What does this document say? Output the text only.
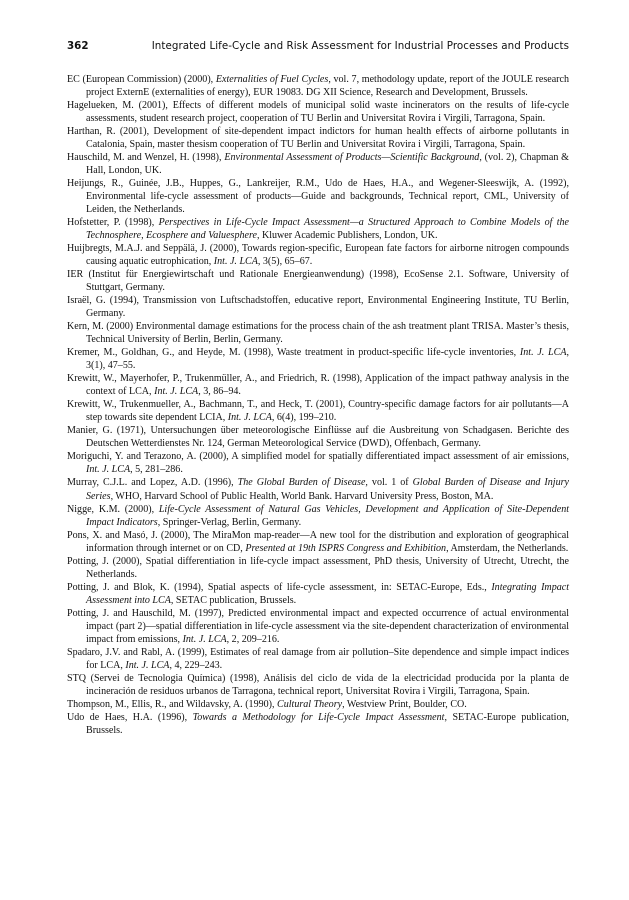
362	Integrated Life-Cycle and Risk Assessment for Industrial Processes and Products

EC (European Commission) (2000), Externalities of Fuel Cycles, vol. 7, methodology update, report of the JOULE research project ExternE (externalities of energy), EUR 19083. DG XII Science, Research and Development, Brussels.

Hagelueken, M. (2001), Effects of different models of municipal solid waste incinerators on the results of life-cycle assessments, student research project, cooperation of TU Berlin and Universitat Rovira i Virgili, Tarragona, Spain.

Harthan, R. (2001), Development of site-dependent impact indictors for human health effects of airborne pollutants in Catalonia, Spain, master thesism cooperation of TU Berlin and Universitat Rovira i Virgili, Tarragona, Spain.

Hauschild, M. and Wenzel, H. (1998), Environmental Assessment of Products—Scientific Background, (vol. 2), Chapman & Hall, London, UK.

Heijungs, R., Guinée, J.B., Huppes, G., Lankreijer, R.M., Udo de Haes, H.A., and Wegener-Sleeswijk, A. (1992), Environmental life-cycle assessment of products—Guide and backgrounds, Technical report, CML, University of Leiden, the Netherlands.

Hofstetter, P. (1998), Perspectives in Life-Cycle Impact Assessment—a Structured Approach to Combine Models of the Technosphere, Ecosphere and Valuesphere, Kluwer Academic Publishers, London, UK.

Huijbregts, M.A.J. and Seppälä, J. (2000), Towards region-specific, European fate factors for airborne nitrogen compounds causing aquatic eutrophication, Int. J. LCA, 3(5), 65–67.

IER (Institut für Energiewirtschaft und Rationale Energieanwendung) (1998), EcoSense 2.1. Software, University of Stuttgart, Germany.

Israël, G. (1994), Transmission von Luftschadstoffen, educative report, Environmental Engineering Institute, TU Berlin, Germany.

Kern, M. (2000) Environmental damage estimations for the process chain of the ash treatment plant TRISA. Master’s thesis, Technical University of Berlin, Berlin, Germany.

Kremer, M., Goldhan, G., and Heyde, M. (1998), Waste treatment in product-specific life-cycle inventories, Int. J. LCA, 3(1), 47–55.

Krewitt, W., Mayerhofer, P., Trukenmüller, A., and Friedrich, R. (1998), Application of the impact pathway analysis in the context of LCA, Int. J. LCA, 3, 86–94.

Krewitt, W., Trukenmueller, A., Bachmann, T., and Heck, T. (2001), Country-specific damage factors for air pollutants—A step towards site dependent LCIA, Int. J. LCA, 6(4), 199–210.

Manier, G. (1971), Untersuchungen über meteorologische Einflüsse auf die Ausbreitung von Schadgasen. Berichte des Deutschen Wetterdienstes Nr. 124, German Meteorological Service (DWD), Offenbach, Germany.

Moriguchi, Y. and Terazono, A. (2000), A simplified model for spatially differentiated impact assessment of air emissions, Int. J. LCA, 5, 281–286.

Murray, C.J.L. and Lopez, A.D. (1996), The Global Burden of Disease, vol. 1 of Global Burden of Disease and Injury Series, WHO, Harvard School of Public Health, World Bank. Harvard University Press, Boston, MA.

Nigge, K.M. (2000), Life-Cycle Assessment of Natural Gas Vehicles, Development and Application of Site-Dependent Impact Indicators, Springer-Verlag, Berlin, Germany.

Pons, X. and Masó, J. (2000), The MiraMon map-reader—A new tool for the distribution and exploration of geographical information through internet or on CD, Presented at 19th ISPRS Congress and Exhibition, Amsterdam, the Netherlands.

Potting, J. (2000), Spatial differentiation in life-cycle impact assessment, PhD thesis, University of Utrecht, Utrecht, the Netherlands.

Potting, J. and Blok, K. (1994), Spatial aspects of life-cycle assessment, in: SETAC-Europe, Eds., Integrating Impact Assessment into LCA, SETAC publication, Brussels.

Potting, J. and Hauschild, M. (1997), Predicted environmental impact and expected occurrence of actual environmental impact (part 2)—spatial differentiation in life-cycle assessment via the site-dependent characterization of environmental impact from emissions, Int. J. LCA, 2, 209–216.

Spadaro, J.V. and Rabl, A. (1999), Estimates of real damage from air pollution–Site dependence and simple impact indices for LCA, Int. J. LCA, 4, 229–243.

STQ (Servei de Tecnologia Química) (1998), Análisis del ciclo de vida de la electricidad producida por la planta de incineración de residuos urbanos de Tarragona, technical report, Universitat Rovira i Virgili, Tarragona, Spain.

Thompson, M., Ellis, R., and Wildavsky, A. (1990), Cultural Theory, Westview Print, Boulder, CO.

Udo de Haes, H.A. (1996), Towards a Methodology for Life-Cycle Impact Assessment, SETAC-Europe publication, Brussels.
